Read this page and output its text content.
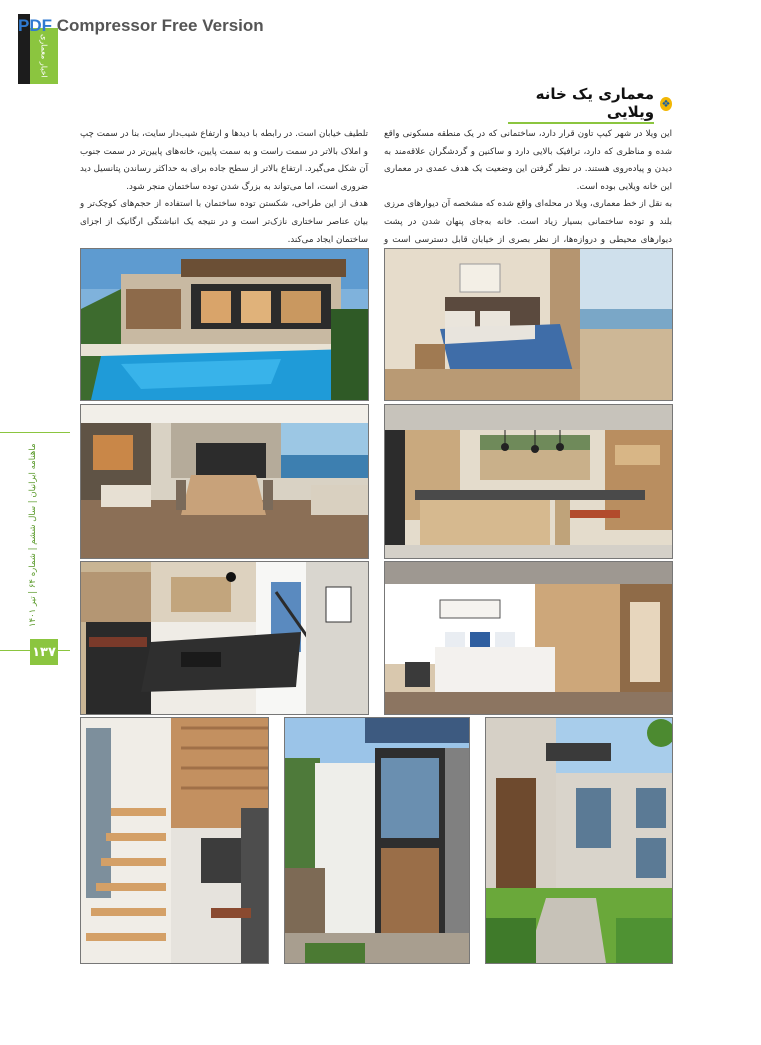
اخبار معماری
PDF Compressor Free Version
ماهنامه ایرانیان | سال ششم | شماره ۶۴ | تیر ۱۴۰۱
۱۳۷
❖
معماری یک خانه ویلایی

این ویلا در شهر کیپ تاون قرار دارد، ساختمانی که در یک منطقه مسکونی واقع شده و مناظری که دارد، ترافیک بالایی دارد و ساکنین و گردشگران علاقه‌مند به دیدن و پیاده‌روی هستند. در نظر گرفتن این وضعیت یک هدف عمدی در معماری این خانه ویلایی بوده است.

به نقل از خط معماری، ویلا در محله‌ای واقع شده که مشخصه آن دیوارهای مرزی بلند و توده ساختمانی بسیار زیاد است. خانه به‌جای پنهان شدن در پشت دیوارهای محیطی و دروازه‌ها، از نظر بصری از خیابان قابل دسترسی است و

تلطیف خیابان است. در رابطه با دیدها و ارتفاع شیب‌دار سایت، بنا در سمت چپ و املاک بالاتر در سمت راست و به سمت پایین، خانه‌های پایین‌تر در سمت جنوب آن شکل می‌گیرد. ارتفاع بالاتر از سطح جاده برای به حداکثر رساندن پتانسیل دید ضروری است، اما می‌تواند به بزرگ شدن توده ساختمان منجر شود.

هدف از این طراحی، شکستن توده ساختمان با استفاده از حجم‌های کوچک‌تر و بیان عناصر ساختاری نازک‌تر است و در نتیجه یک انباشتگی ارگانیک از اجزای ساختمان ایجاد می‌کند.
